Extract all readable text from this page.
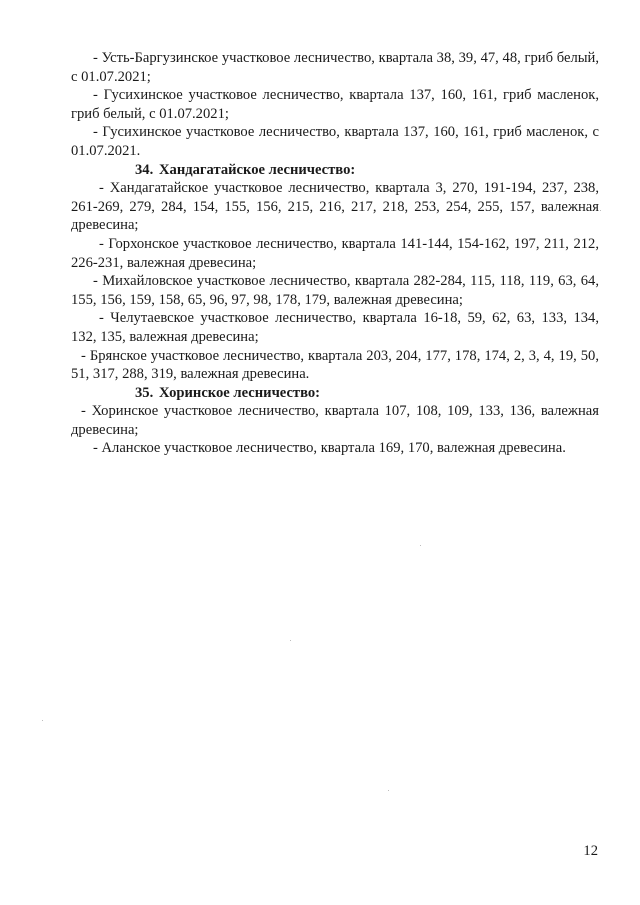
- Усть-Баргузинское участковое лесничество, квартала 38, 39, 47, 48, гриб белый, с 01.07.2021;

- Гусихинское участковое лесничество, квартала 137, 160, 161, гриб масленок, гриб белый, с 01.07.2021;

- Гусихинское участковое лесничество, квартала 137, 160, 161, гриб масленок, с 01.07.2021.

34. Хандагатайское лесничество:

- Хандагатайское участковое лесничество, квартала 3, 270, 191-194, 237, 238, 261-269, 279, 284, 154, 155, 156, 215, 216, 217, 218, 253, 254, 255, 157, валежная древесина;

- Горхонское участковое лесничество, квартала 141-144, 154-162, 197, 211, 212, 226-231, валежная древесина;

- Михайловское участковое лесничество, квартала 282-284, 115, 118, 119, 63, 64, 155, 156, 159, 158, 65, 96, 97, 98, 178, 179, валежная древесина;

- Челутаевское участковое лесничество, квартала 16-18, 59, 62, 63, 133, 134, 132, 135, валежная древесина;

- Брянское участковое лесничество, квартала 203, 204, 177, 178, 174, 2, 3, 4, 19, 50, 51, 317, 288, 319, валежная древесина.

35. Хоринское лесничество:

- Хоринское участковое лесничество, квартала 107, 108, 109, 133, 136, валежная древесина;

- Аланское участковое лесничество, квартала 169, 170, валежная древесина.

12
